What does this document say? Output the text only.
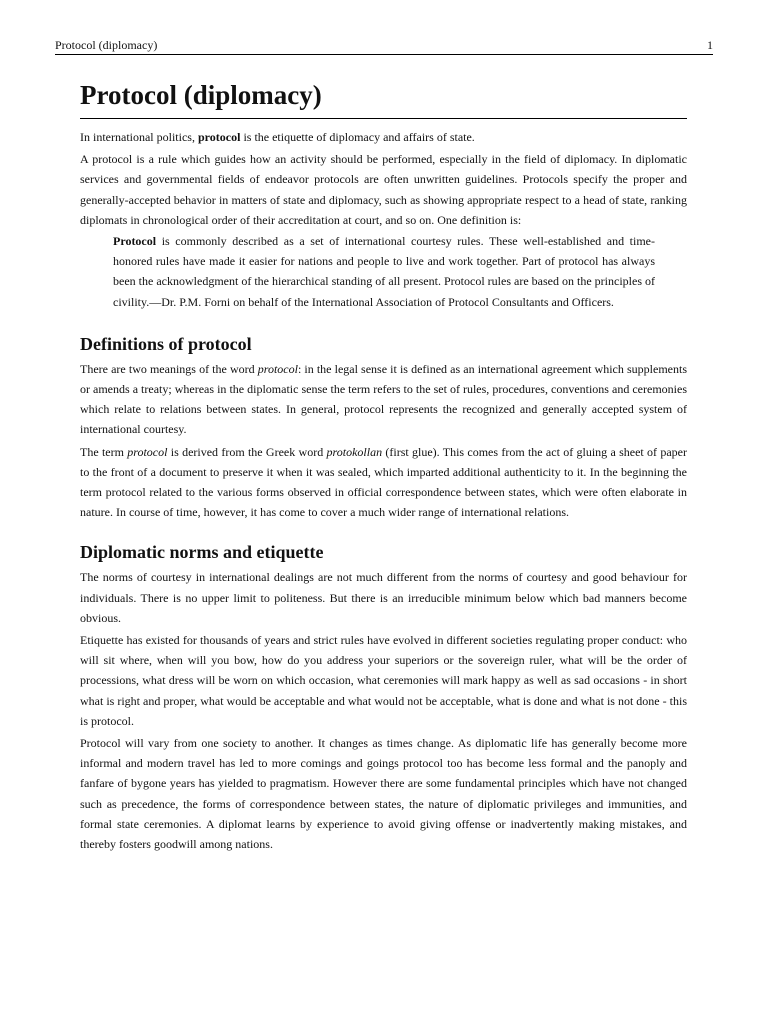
Protocol (diplomacy)	1
Protocol (diplomacy)

In international politics, protocol is the etiquette of diplomacy and affairs of state.

A protocol is a rule which guides how an activity should be performed, especially in the field of diplomacy. In diplomatic services and governmental fields of endeavor protocols are often unwritten guidelines. Protocols specify the proper and generally-accepted behavior in matters of state and diplomacy, such as showing appropriate respect to a head of state, ranking diplomats in chronological order of their accreditation at court, and so on. One definition is:

Protocol is commonly described as a set of international courtesy rules. These well-established and time-honored rules have made it easier for nations and people to live and work together. Part of protocol has always been the acknowledgment of the hierarchical standing of all present. Protocol rules are based on the principles of civility.—Dr. P.M. Forni on behalf of the International Association of Protocol Consultants and Officers.

Definitions of protocol

There are two meanings of the word protocol: in the legal sense it is defined as an international agreement which supplements or amends a treaty; whereas in the diplomatic sense the term refers to the set of rules, procedures, conventions and ceremonies which relate to relations between states. In general, protocol represents the recognized and generally accepted system of international courtesy.

The term protocol is derived from the Greek word protokollan (first glue). This comes from the act of gluing a sheet of paper to the front of a document to preserve it when it was sealed, which imparted additional authenticity to it. In the beginning the term protocol related to the various forms observed in official correspondence between states, which were often elaborate in nature. In course of time, however, it has come to cover a much wider range of international relations.

Diplomatic norms and etiquette

The norms of courtesy in international dealings are not much different from the norms of courtesy and good behaviour for individuals. There is no upper limit to politeness. But there is an irreducible minimum below which bad manners become obvious.

Etiquette has existed for thousands of years and strict rules have evolved in different societies regulating proper conduct: who will sit where, when will you bow, how do you address your superiors or the sovereign ruler, what will be the order of processions, what dress will be worn on which occasion, what ceremonies will mark happy as well as sad occasions - in short what is right and proper, what would be acceptable and what would not be acceptable, what is done and what is not done - this is protocol.

Protocol will vary from one society to another. It changes as times change. As diplomatic life has generally become more informal and modern travel has led to more comings and goings protocol too has become less formal and the panoply and fanfare of bygone years has yielded to pragmatism. However there are some fundamental principles which have not changed such as precedence, the forms of correspondence between states, the nature of diplomatic privileges and immunities, and formal state ceremonies. A diplomat learns by experience to avoid giving offense or inadvertently making mistakes, and thereby fosters goodwill among nations.
